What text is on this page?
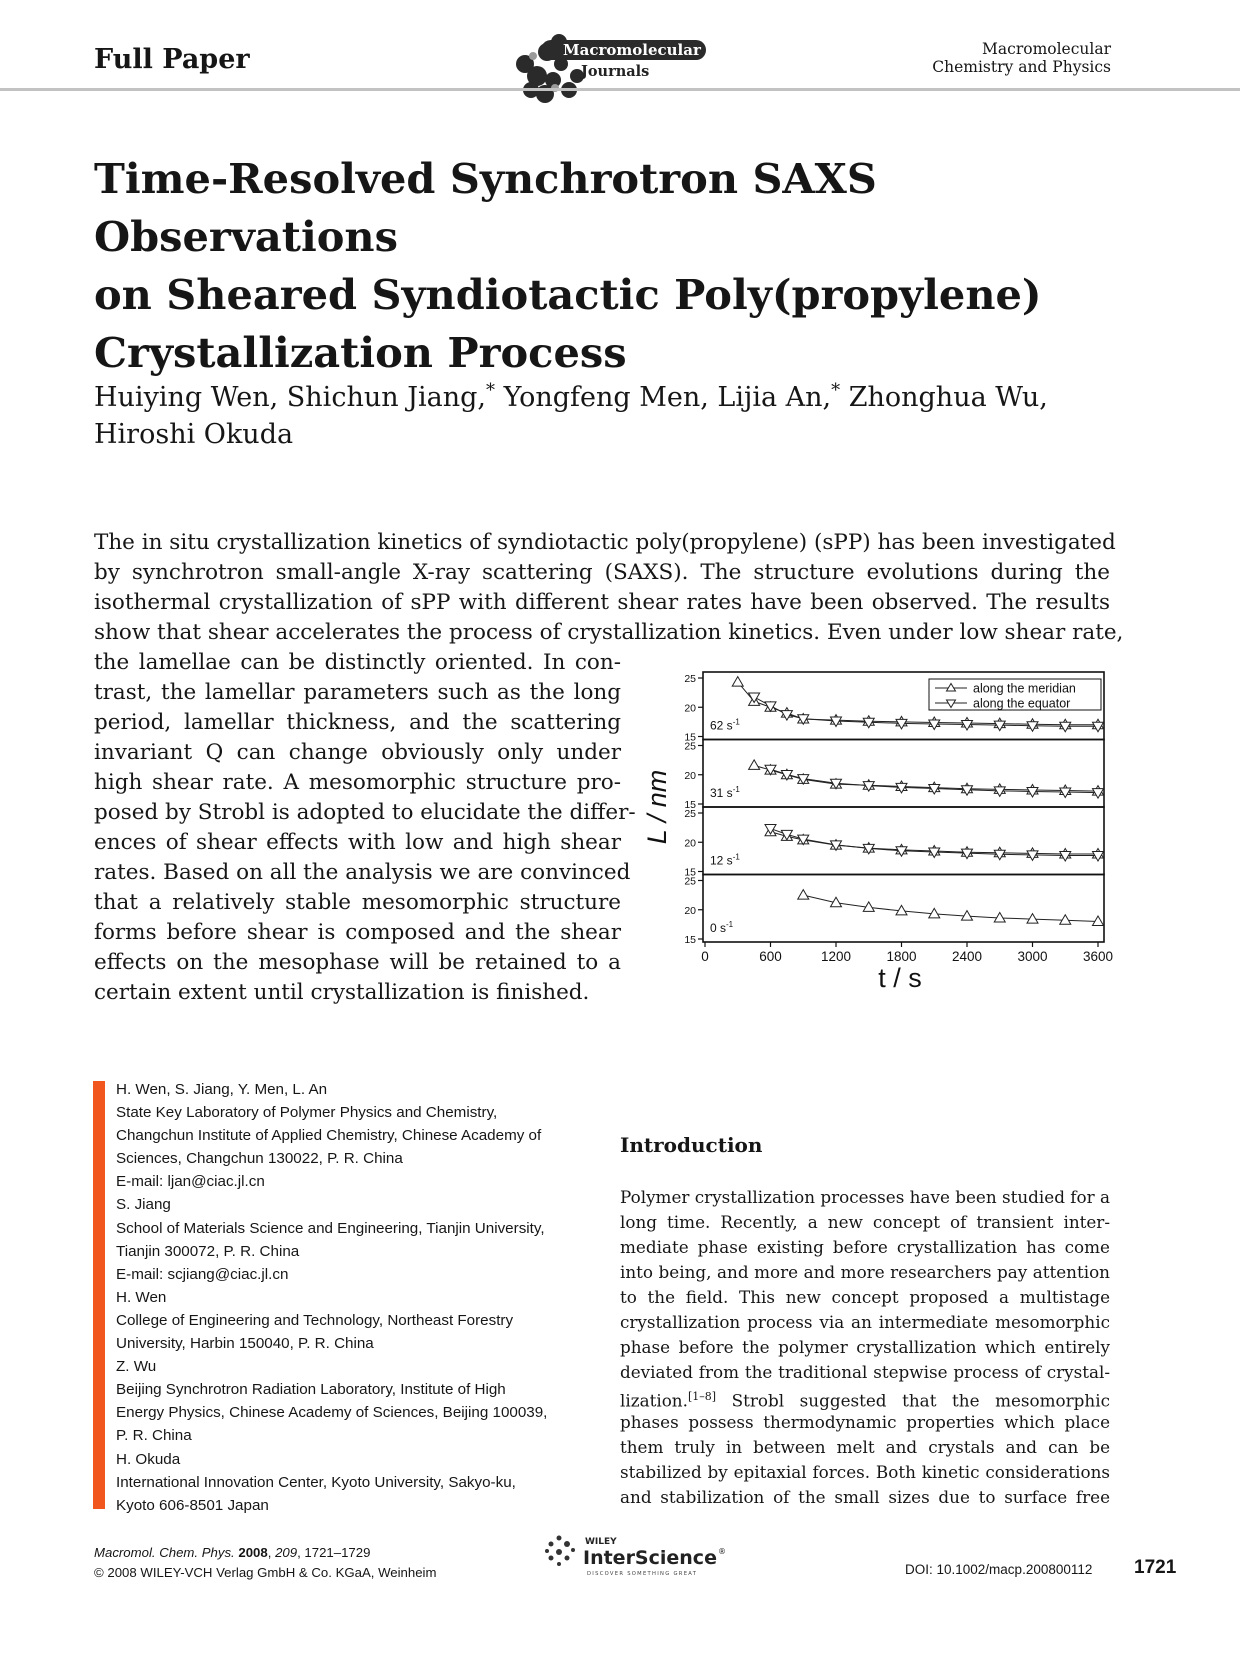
Full Paper	Macromolecular
Journals
Macromolecular
Chemistry and Physics
Time-Resolved Synchrotron SAXS Observations
on Sheared Syndiotactic Poly(propylene)
Crystallization Process
Huiying Wen, Shichun Jiang,* Yongfeng Men, Lijia An,* Zhonghua Wu,
Hiroshi Okuda
The in situ crystallization kinetics of syndiotactic poly(propylene) (sPP) has been investigated
by synchrotron small-angle X-ray scattering (SAXS). The structure evolutions during the
isothermal crystallization of sPP with different shear rates have been observed. The results
show that shear accelerates the process of crystallization kinetics. Even under low shear rate,
the lamellae can be distinctly oriented. In con-
trast, the lamellar parameters such as the long
period, lamellar thickness, and the scattering
invariant Q can change obviously only under
high shear rate. A mesomorphic structure pro-
posed by Strobl is adopted to elucidate the differ-
ences of shear effects with low and high shear
rates. Based on all the analysis we are convinced
that a relatively stable mesomorphic structure
forms before shear is composed and the shear
effects on the mesophase will be retained to a
certain extent until crystallization is finished.
15
20
25
62 $s^{-1}$
15
20
25
31 $s^{-1}$
15
20
25
12 $s^{-1}$
15
20
25
0 $s^{-1}$
0	600	1200	1800	2400	3000	3600
t / s
L / nm
along the meridian
along the equator
H. Wen, S. Jiang, Y. Men, L. An
State Key Laboratory of Polymer Physics and Chemistry,
Changchun Institute of Applied Chemistry, Chinese Academy of
Sciences, Changchun 130022, P. R. China
E-mail: ljan@ciac.jl.cn
S. Jiang
School of Materials Science and Engineering, Tianjin University,
Tianjin 300072, P. R. China
E-mail: scjiang@ciac.jl.cn
H. Wen
College of Engineering and Technology, Northeast Forestry
University, Harbin 150040, P. R. China
Z. Wu
Beijing Synchrotron Radiation Laboratory, Institute of High
Energy Physics, Chinese Academy of Sciences, Beijing 100039,
P. R. China
H. Okuda
International Innovation Center, Kyoto University, Sakyo-ku,
Kyoto 606-8501 Japan
Introduction
Polymer crystallization processes have been studied for a
long time. Recently, a new concept of transient inter-
mediate phase existing before crystallization has come
into being, and more and more researchers pay attention
to the field. This new concept proposed a multistage
crystallization process via an intermediate mesomorphic
phase before the polymer crystallization which entirely
deviated from the traditional stepwise process of crystal-
lization.[1–8] Strobl suggested that the mesomorphic
phases possess thermodynamic properties which place
them truly in between melt and crystals and can be
stabilized by epitaxial forces. Both kinetic considerations
and stabilization of the small sizes due to surface free
Macromol. Chem. Phys. 2008, 209, 1721–1729
© 2008 WILEY-VCH Verlag GmbH & Co. KGaA, Weinheim
WILEY
InterScience ®
DISCOVER SOMETHING GREAT	DOI: 10.1002/macp.200800112 1721
